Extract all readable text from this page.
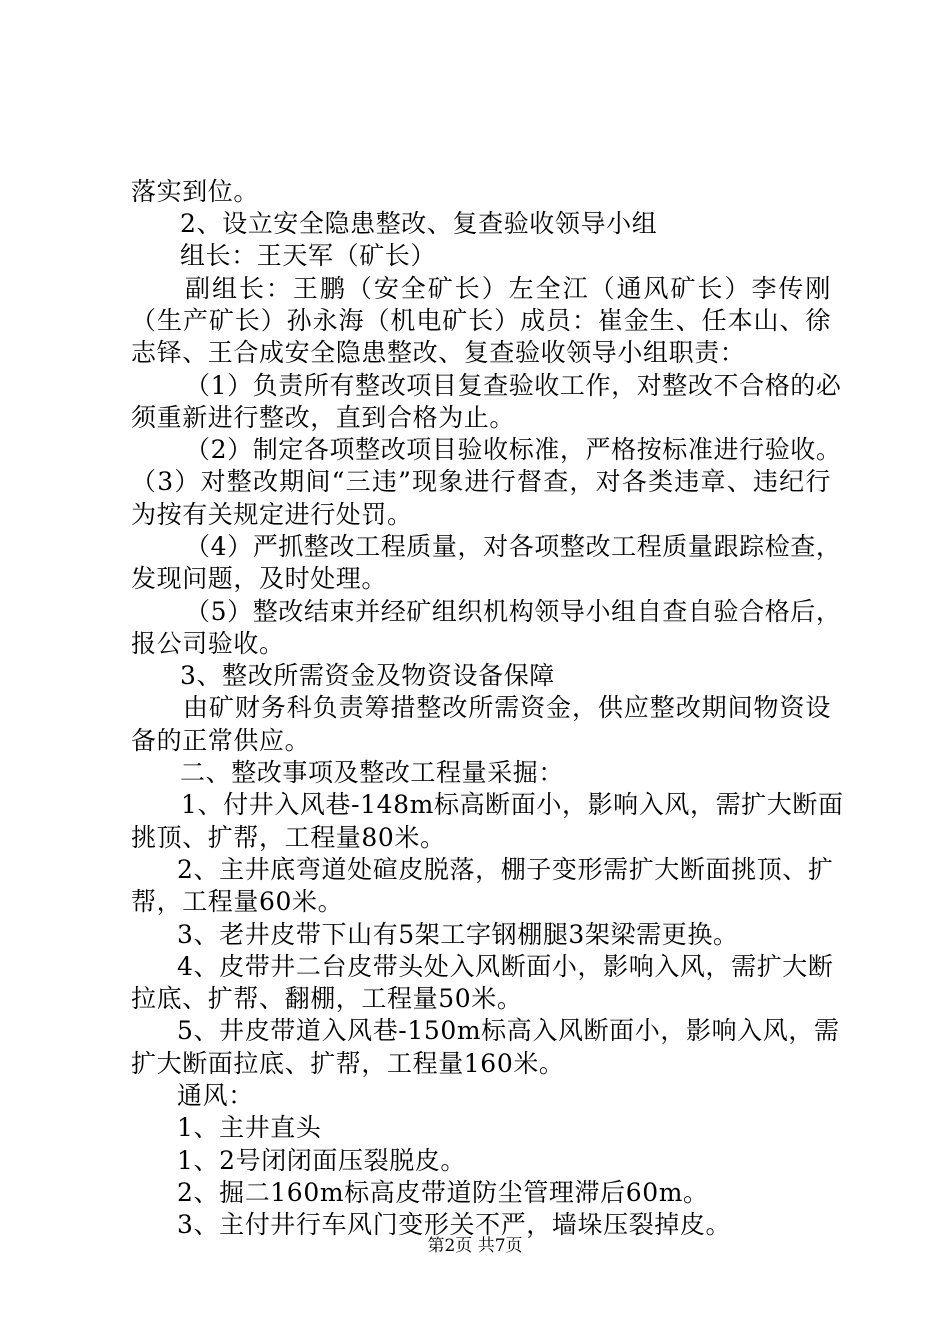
落实到位。
2、设立安全隐患整改、复查验收领导小组
组长：王天军（矿长）
副组长：王鹏（安全矿长）左全江（通风矿长）李传刚
（生产矿长）孙永海（机电矿长）成员：崔金生、任本山、徐
志铎、王合成安全隐患整改、复查验收领导小组职责：
（1）负责所有整改项目复查验收工作，对整改不合格的必
须重新进行整改，直到合格为止。
（2）制定各项整改项目验收标准，严格按标准进行验收。
（3）对整改期间“三违”现象进行督查，对各类违章、违纪行
为按有关规定进行处罚。
（4）严抓整改工程质量，对各项整改工程质量跟踪检查，
发现问题，及时处理。
（5）整改结束并经矿组织机构领导小组自查自验合格后，
报公司验收。
3、整改所需资金及物资设备保障
由矿财务科负责筹措整改所需资金，供应整改期间物资设
备的正常供应。
二、整改事项及整改工程量采掘：
1、付井入风巷-148m标高断面小，影响入风，需扩大断面
挑顶、扩帮，工程量80米。
2、主井底弯道处碹皮脱落，棚子变形需扩大断面挑顶、扩
帮，工程量60米。
3、老井皮带下山有5架工字钢棚腿3架梁需更换。
4、皮带井二台皮带头处入风断面小，影响入风，需扩大断
拉底、扩帮、翻棚，工程量50米。
5、井皮带道入风巷-150m标高入风断面小，影响入风，需
扩大断面拉底、扩帮，工程量160米。
通风：
1、主井直头
1、2号闭闭面压裂脱皮。
2、掘二160m标高皮带道防尘管理滞后60m。
3、主付井行车风门变形关不严，墙垛压裂掉皮。
第2页 共7页
